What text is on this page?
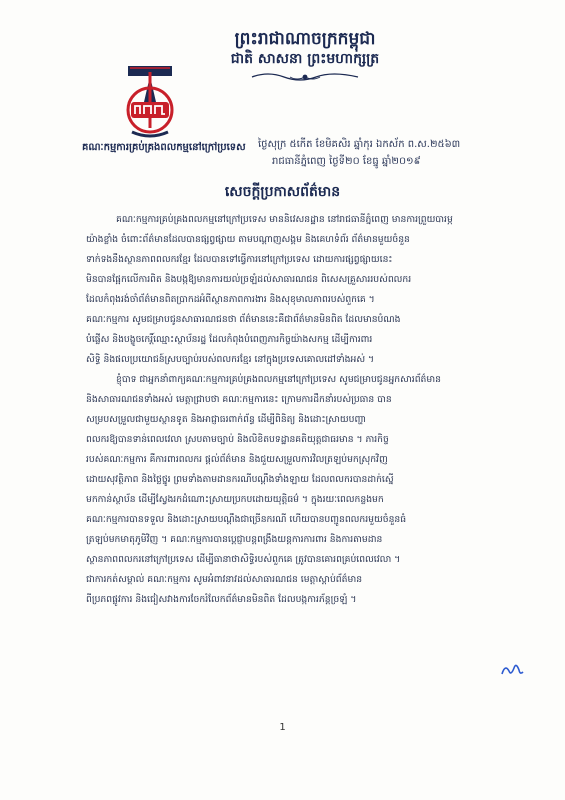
ព្រះរាជាណាចក្រកម្ពុជា
ជាតិ សាសនា ព្រះមហាក្សត្រ
គណៈកម្មការគ្រប់គ្រងពលកម្មនៅក្រៅប្រទេស ថ្ងៃសុក្រ ៥កើត ខែមិគសិរ ឆ្នាំកុរ ឯកស័ក ព.ស.២៥៦៣
រាជធានីភ្នំពេញ ថ្ងៃទី២០ ខែធ្នូ ឆ្នាំ២០១៩
សេចក្តីប្រកាសព័ត៌មាន

គណៈកម្មការគ្រប់គ្រងពលកម្មនៅក្រៅប្រទេស មាននិវេសនដ្ឋាន នៅរាជធានីភ្នំពេញ មានការព្រួយបារម្ភ

យ៉ាងខ្លាំង ចំពោះព័ត៌មានដែលបានផ្សព្វផ្សាយ តាមបណ្តាញសង្គម និងគេហទំព័រ ព័ត៌មានមួយចំនួន

ទាក់ទងនឹងស្ថានភាពពលករខ្មែរ ដែលបានទៅធ្វើការនៅក្រៅប្រទេស ដោយការផ្សព្វផ្សាយនេះ

មិនបានផ្អែកលើការពិត និងបង្កឱ្យមានការយល់ច្រឡំដល់សាធារណជន ពិសេសគ្រួសាររបស់ពលករ

ដែលកំពុងរង់ចាំព័ត៌មានពិតប្រាកដអំពីស្ថានភាពការងារ និងសុខុមាលភាពរបស់ពួកគេ ។

គណៈកម្មការ សូមជម្រាបជូនសាធារណជនថា ព័ត៌មាននេះគឺជាព័ត៌មានមិនពិត ដែលមានបំណង

បំផ្លើស និងបង្ខូចកេរ្តិ៍ឈ្មោះស្ថាប័នរដ្ឋ ដែលកំពុងបំពេញភារកិច្ចយ៉ាងសកម្ម ដើម្បីការពារ

សិទ្ធិ និងផលប្រយោជន៍ស្របច្បាប់របស់ពលករខ្មែរ នៅក្នុងប្រទេសគោលដៅទាំងអស់ ។

ខ្ញុំបាទ ជាអ្នកនាំពាក្យគណៈកម្មការគ្រប់គ្រងពលកម្មនៅក្រៅប្រទេស សូមជម្រាបជូនអ្នកសារព័ត៌មាន

និងសាធារណជនទាំងអស់ មេត្តាជ្រាបថា គណៈកម្មការនេះ ក្រោមការដឹកនាំរបស់ប្រធាន បាន

សម្របសម្រួលជាមួយស្ថានទូត និងអាជ្ញាធរពាក់ព័ន្ធ ដើម្បីពិនិត្យ និងដោះស្រាយបញ្ហា

ពលករឱ្យបានទាន់ពេលវេលា ស្របតាមច្បាប់ និងលិខិតបទដ្ឋានគតិយុត្តជាធរមាន ។ ភារកិច្ច

របស់គណៈកម្មការ គឺការពារពលករ ផ្តល់ព័ត៌មាន និងជួយសម្រួលការវិលត្រឡប់មកស្រុកវិញ

ដោយសុវត្ថិភាព និងថ្លៃថ្នូរ ព្រមទាំងតាមដានករណីបណ្តឹងទាំងឡាយ ដែលពលករបានដាក់ស្នើ

មកកាន់ស្ថាប័ន ដើម្បីស្វែងរកដំណោះស្រាយប្រកបដោយយុត្តិធម៌ ។ ក្នុងរយៈពេលកន្លងមក

គណៈកម្មការបានទទួល និងដោះស្រាយបណ្តឹងជាច្រើនករណី ហើយបានបញ្ជូនពលករមួយចំនួនធំ

ត្រឡប់មកមាតុភូមិវិញ ។ គណៈកម្មការបានប្តេជ្ញាបន្តពង្រឹងយន្តការការពារ និងការតាមដាន

ស្ថានភាពពលករនៅក្រៅប្រទេស ដើម្បីធានាថាសិទ្ធិរបស់ពួកគេ ត្រូវបានគោរពគ្រប់ពេលវេលា ។

ជាការកត់សម្គាល់ គណៈកម្មការ សូមអំពាវនាវដល់សាធារណជន មេត្តាស្តាប់ព័ត៌មាន

ពីប្រភពផ្លូវការ និងជៀសវាងការចែករំលែកព័ត៌មានមិនពិត ដែលបង្កការភ័ន្តច្រឡំ ។

1
